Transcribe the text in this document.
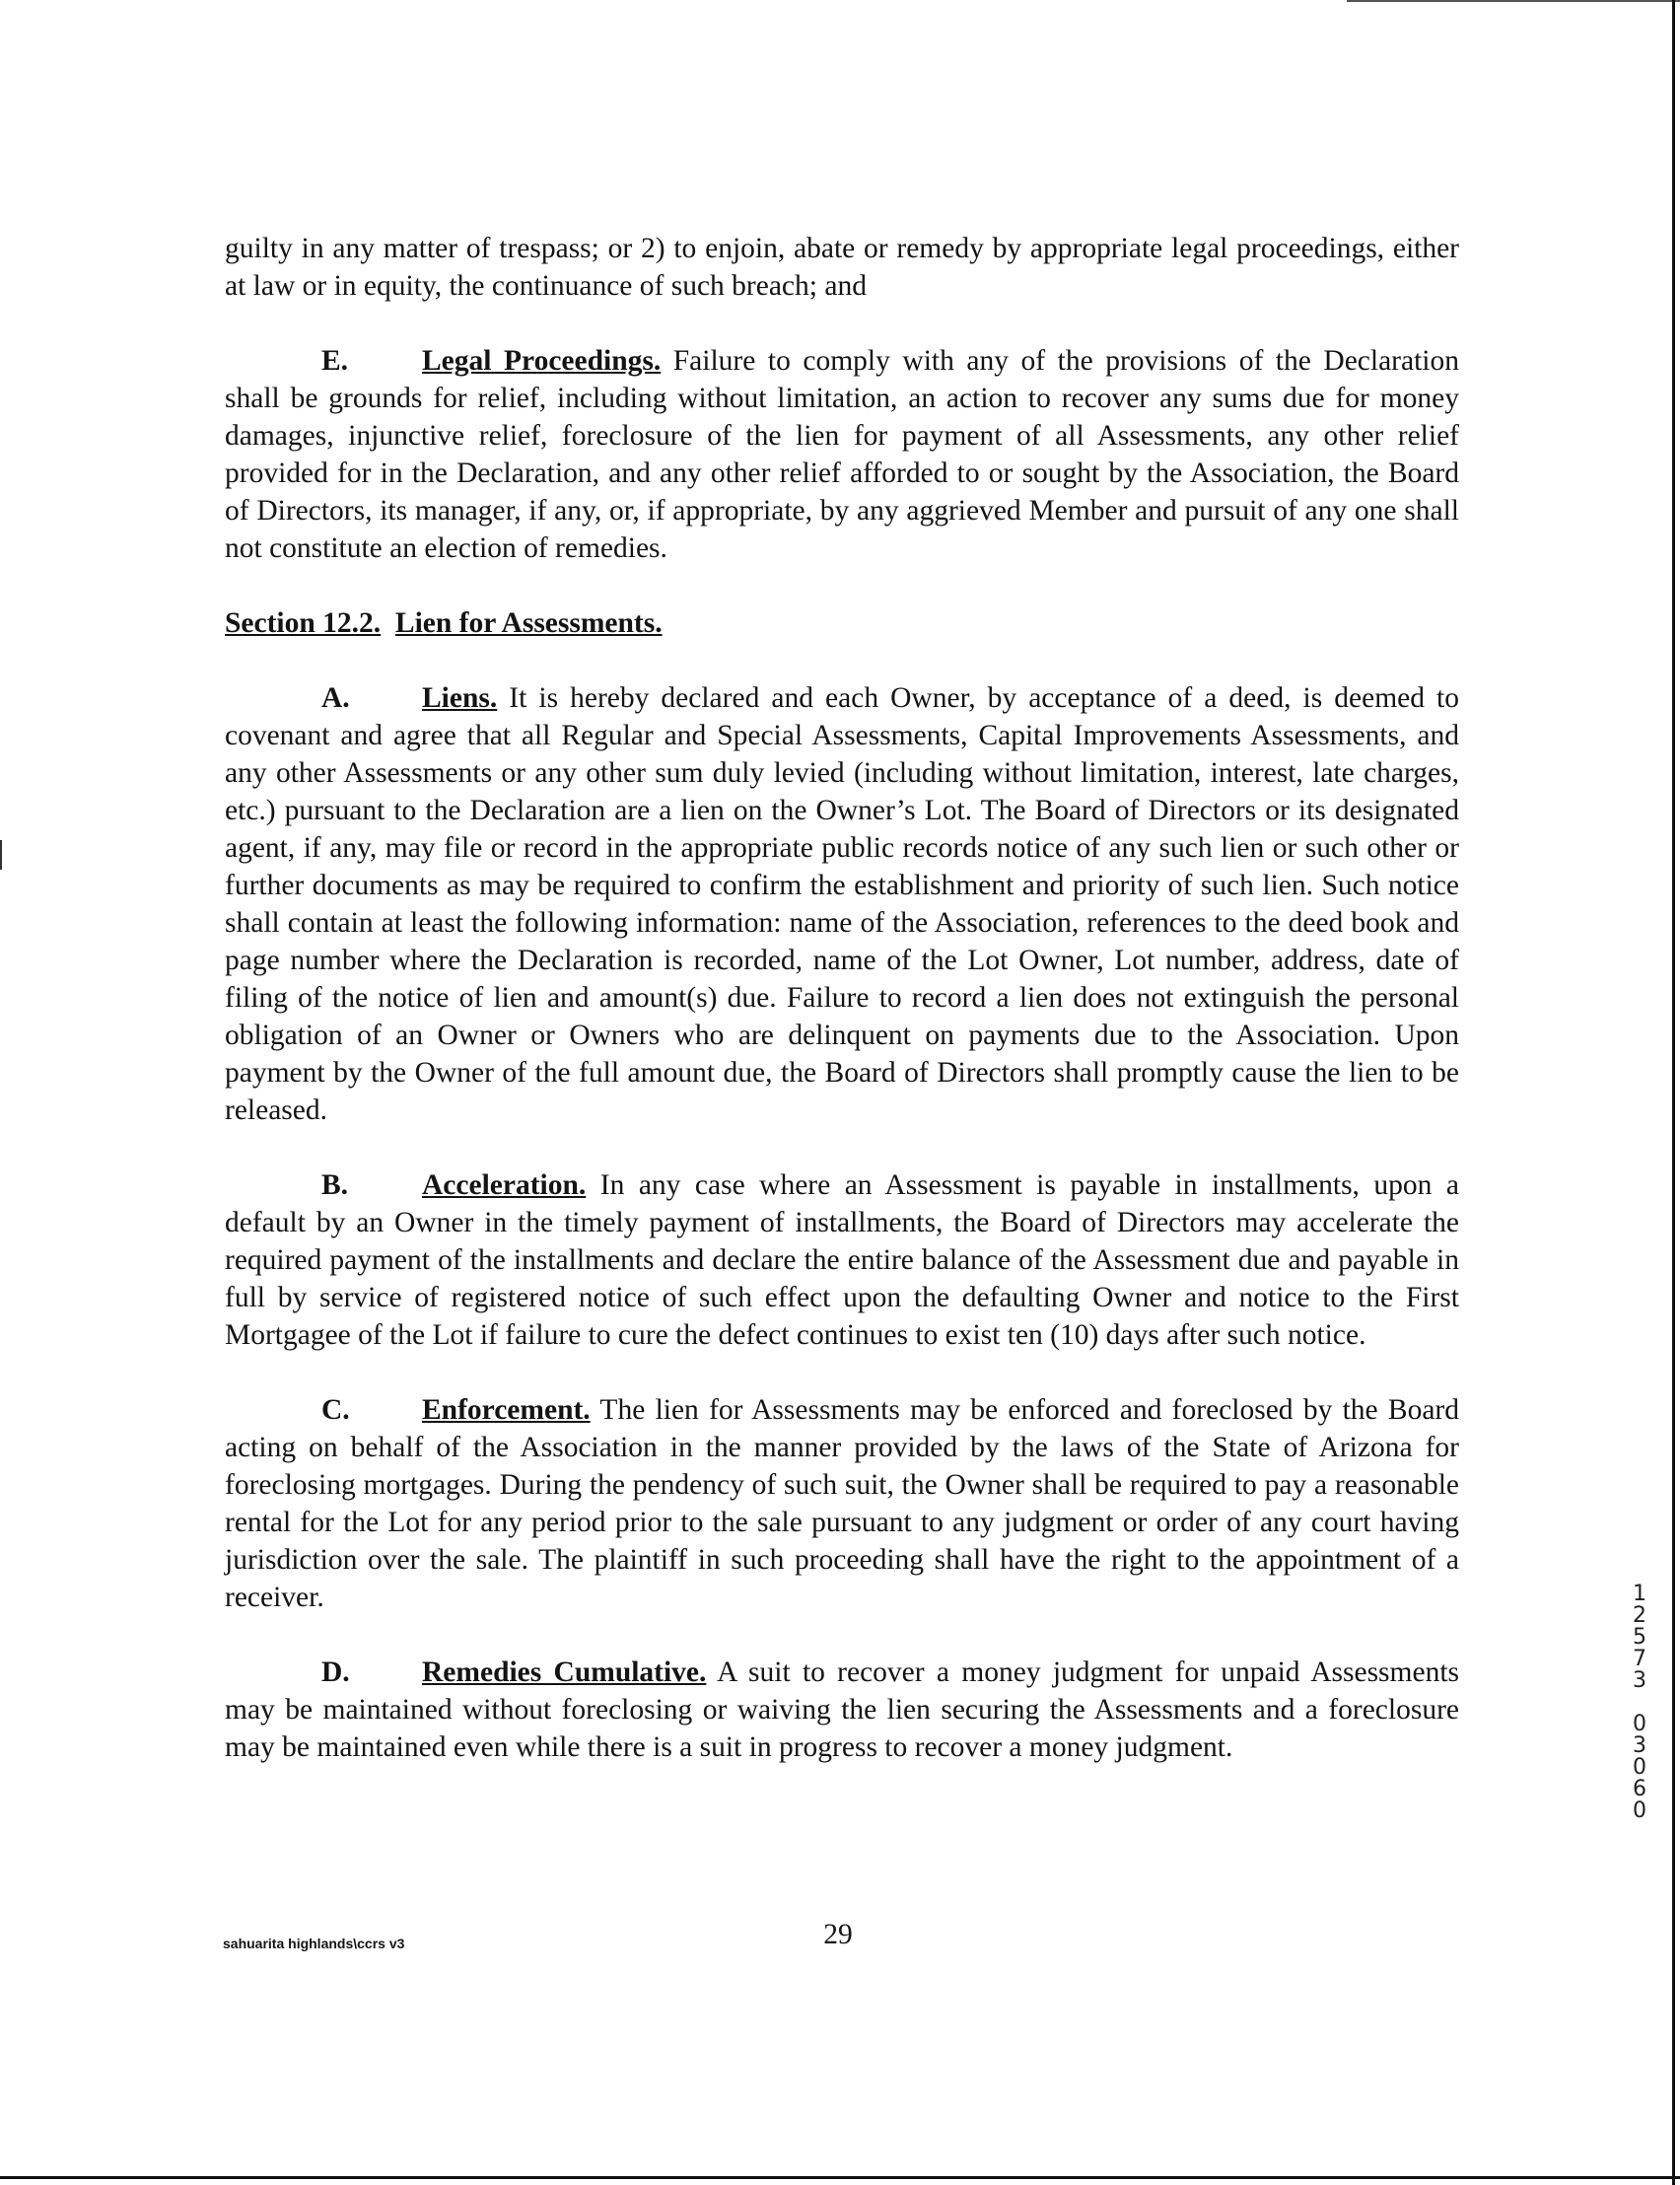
guilty in any matter of trespass; or 2) to enjoin, abate or remedy by appropriate legal proceedings, either at law or in equity, the continuance of such breach; and

E.	Legal Proceedings. Failure to comply with any of the provisions of the Declaration shall be grounds for relief, including without limitation, an action to recover any sums due for money damages, injunctive relief, foreclosure of the lien for payment of all Assessments, any other relief provided for in the Declaration, and any other relief afforded to or sought by the Association, the Board of Directors, its manager, if any, or, if appropriate, by any aggrieved Member and pursuit of any one shall not constitute an election of remedies.

Section 12.2. Lien for Assessments.

A. Liens. It is hereby declared and each Owner, by acceptance of a deed, is deemed to covenant and agree that all Regular and Special Assessments, Capital Improvements Assessments, and any other Assessments or any other sum duly levied (including without limitation, interest, late charges, etc.) pursuant to the Declaration are a lien on the Owner’s Lot. The Board of Directors or its designated agent, if any, may file or record in the appropriate public records notice of any such lien or such other or further documents as may be required to confirm the establishment and priority of such lien. Such notice shall contain at least the following information: name of the Association, references to the deed book and page number where the Declaration is recorded, name of the Lot Owner, Lot number, address, date of filing of the notice of lien and amount(s) due. Failure to record a lien does not extinguish the personal obligation of an Owner or Owners who are delinquent on payments due to the Association. Upon payment by the Owner of the full amount due, the Board of Directors shall promptly cause the lien to be released.

B.	Acceleration. In any case where an Assessment is payable in installments, upon a default by an Owner in the timely payment of installments, the Board of Directors may accelerate the required payment of the installments and declare the entire balance of the Assessment due and payable in full by service of registered notice of such effect upon the defaulting Owner and notice to the First Mortgagee of the Lot if failure to cure the defect continues to exist ten (10) days after such notice.

C. Enforcement. The lien for Assessments may be enforced and foreclosed by the Board acting on behalf of the Association in the manner provided by the laws of the State of Arizona for foreclosing mortgages. During the pendency of such suit, the Owner shall be required to pay a reasonable rental for the Lot for any period prior to the sale pursuant to any judgment or order of any court having jurisdiction over the sale. The plaintiff in such proceeding shall have the right to the appointment of a receiver.

D. Remedies Cumulative. A suit to recover a money judgment for unpaid Assessments may be maintained without foreclosing or waiving the lien securing the Assessments and a foreclosure may be maintained even while there is a suit in progress to recover a money judgment.

sahuarita highlands\ccrs v3	29
1
2
5
7
3

0
3
0
6
0
